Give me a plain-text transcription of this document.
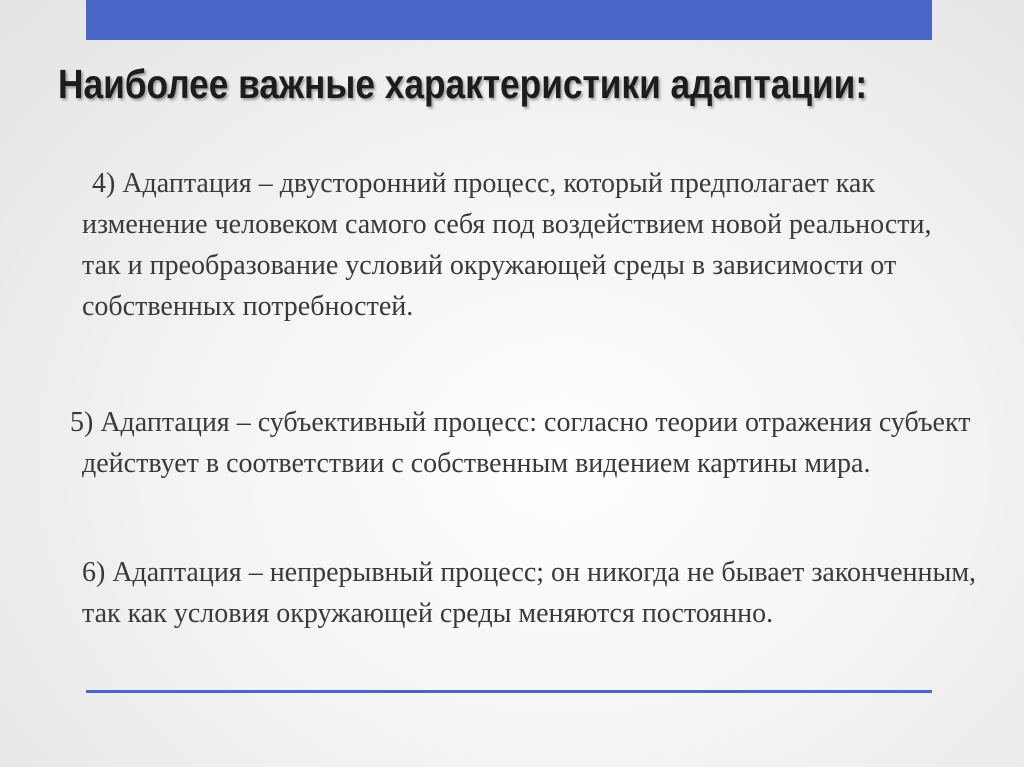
Наиболее важные характеристики адаптации:

4) Адаптация – двусторонний процесс, который предполагает как изменение человеком самого себя под воздействием новой реальности, так и преобразование условий окружающей среды в зависимости от собственных потребностей.

5) Адаптация – субъективный процесс: согласно теории отражения субъект действует в соответствии с собственным видением картины мира.

6) Адаптация – непрерывный процесс; он никогда не бывает законченным, так как условия окружающей среды меняются постоянно.
